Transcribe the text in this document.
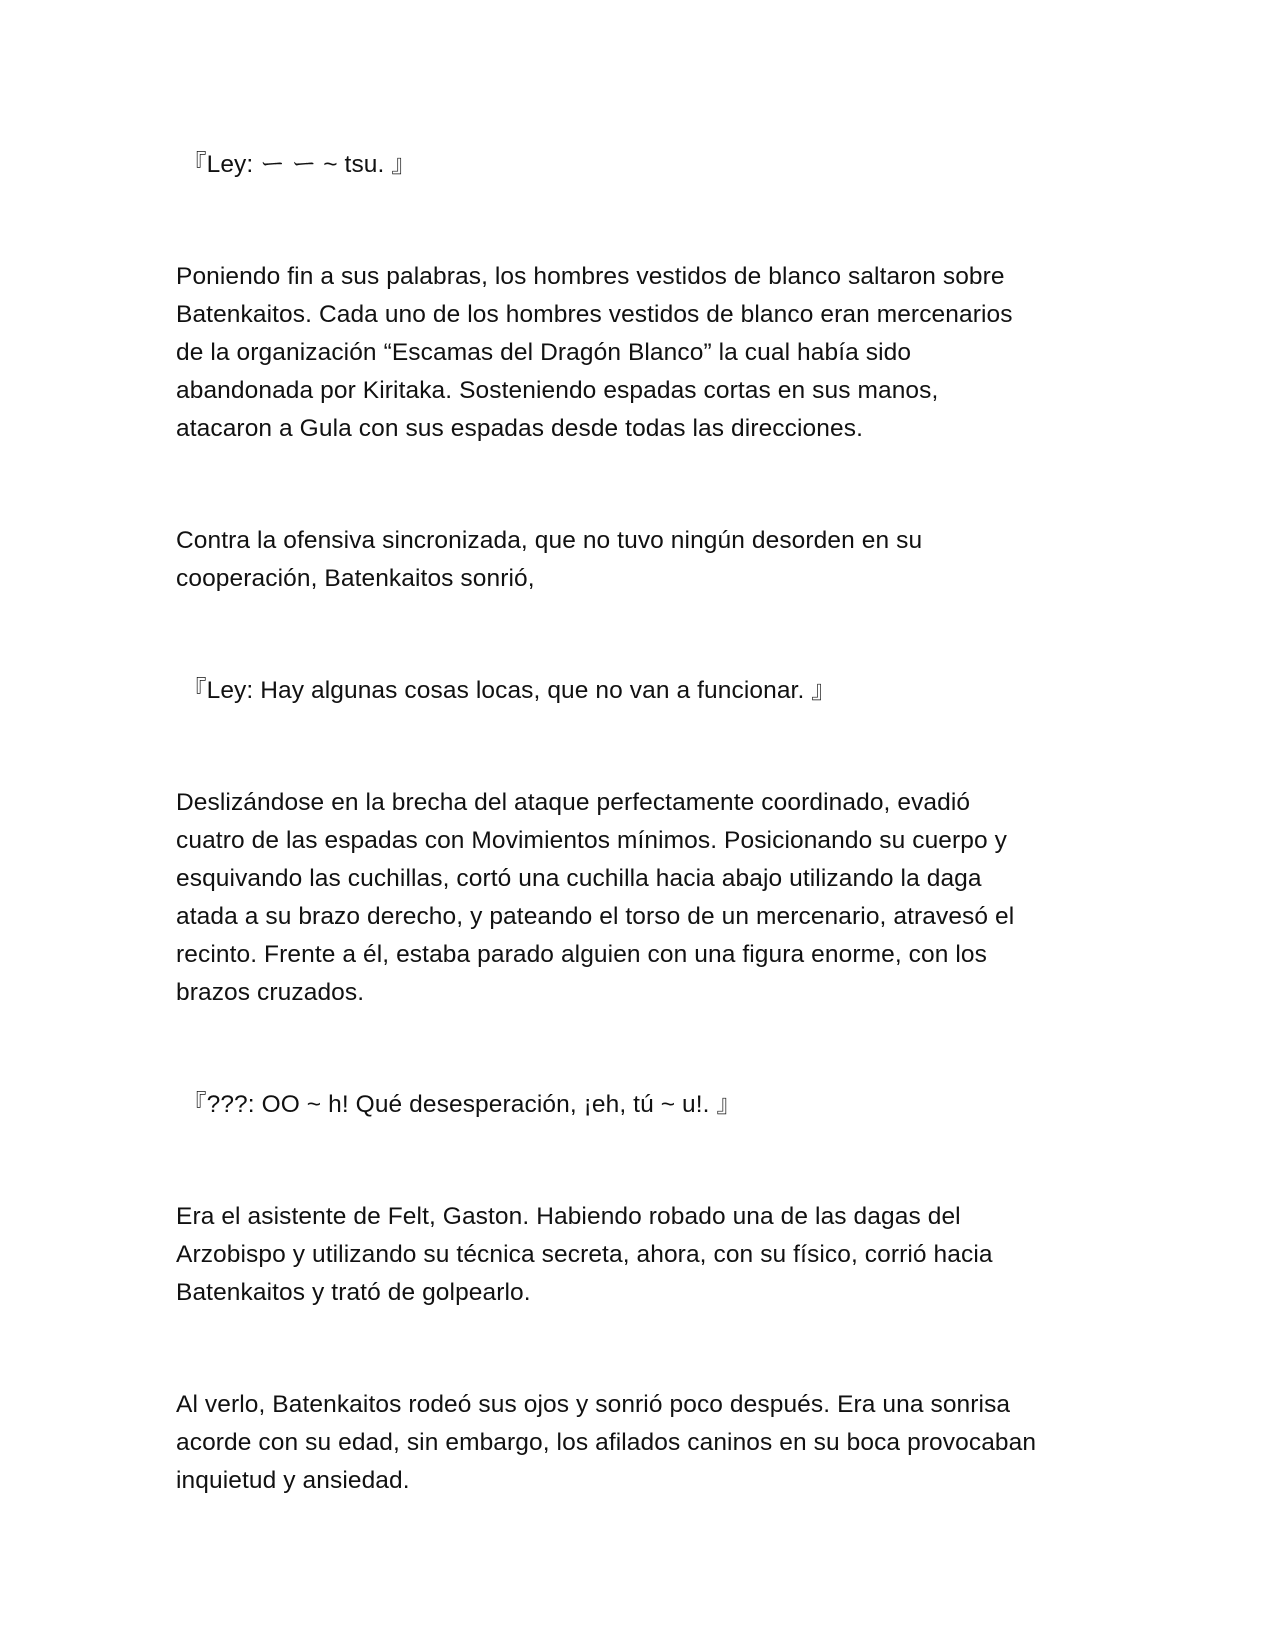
『Ley: ー ー ~ tsu. 』

Poniendo fin a sus palabras, los hombres vestidos de blanco saltaron sobre
Batenkaitos. Cada uno de los hombres vestidos de blanco eran mercenarios
de la organización “Escamas del Dragón Blanco” la cual había sido
abandonada por Kiritaka. Sosteniendo espadas cortas en sus manos,
atacaron a Gula con sus espadas desde todas las direcciones.

Contra la ofensiva sincronizada, que no tuvo ningún desorden en su
cooperación, Batenkaitos sonrió,

『Ley: Hay algunas cosas locas, que no van a funcionar. 』

Deslizándose en la brecha del ataque perfectamente coordinado, evadió
cuatro de las espadas con Movimientos mínimos. Posicionando su cuerpo y
esquivando las cuchillas, cortó una cuchilla hacia abajo utilizando la daga
atada a su brazo derecho, y pateando el torso de un mercenario, atravesó el
recinto. Frente a él, estaba parado alguien con una figura enorme, con los
brazos cruzados.

『???: OO ~ h! Qué desesperación, ¡eh, tú ~ u!. 』

Era el asistente de Felt, Gaston. Habiendo robado una de las dagas del
Arzobispo y utilizando su técnica secreta, ahora, con su físico, corrió hacia
Batenkaitos y trató de golpearlo.

Al verlo, Batenkaitos rodeó sus ojos y sonrió poco después. Era una sonrisa
acorde con su edad, sin embargo, los afilados caninos en su boca provocaban
inquietud y ansiedad.
